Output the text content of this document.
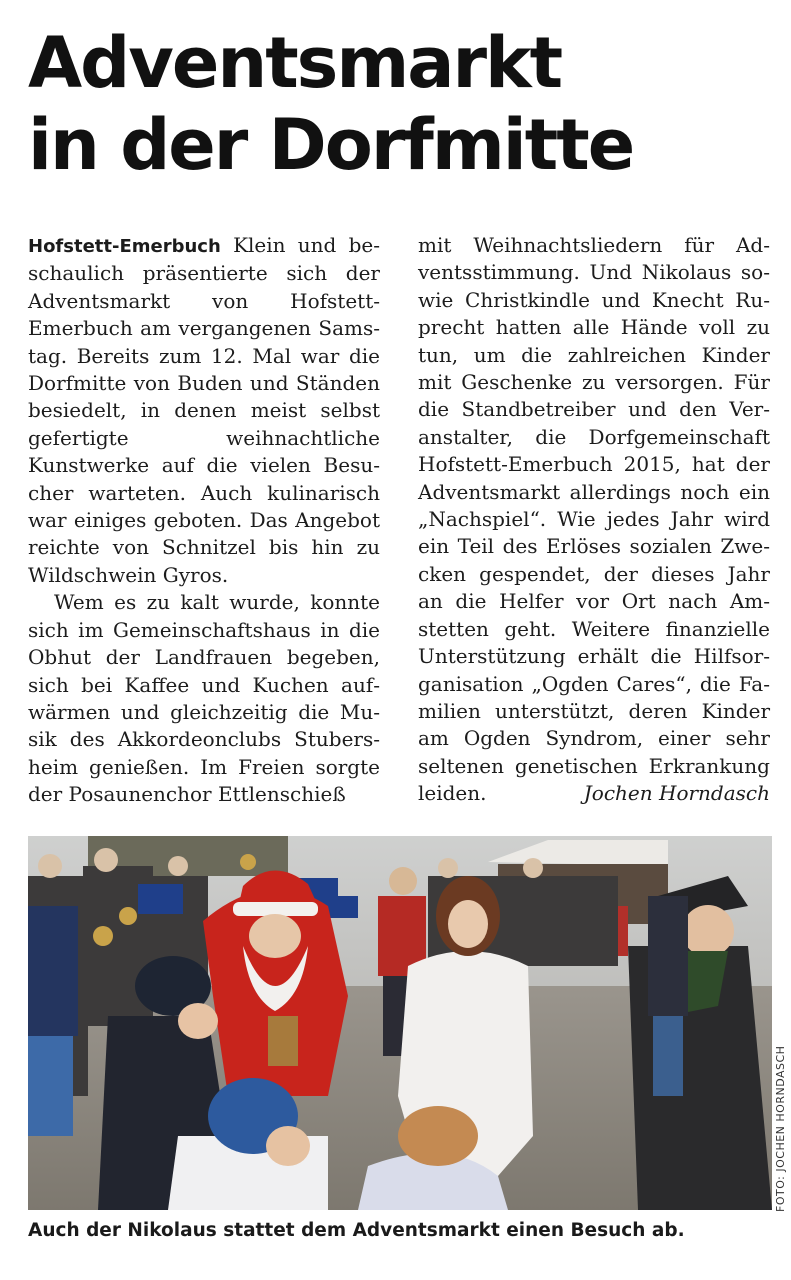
Adventsmarkt
in der Dorfmitte

Hofstett-Emerbuch Klein und beschaulich präsentierte sich der Adventsmarkt von Hofstett-Emerbuch am vergangenen Samstag. Bereits zum 12. Mal war die Dorfmitte von Buden und Ständen besiedelt, in denen meist selbst gefertigte weihnachtliche Kunstwerke auf die vielen Besucher warteten. Auch kulinarisch war einiges geboten. Das Angebot reichte von Schnitzel bis hin zu Wildschwein Gyros.

Wem es zu kalt wurde, konnte sich im Gemeinschaftshaus in die Obhut der Landfrauen begeben, sich bei Kaffee und Kuchen aufwärmen und gleichzeitig die Musik des Akkordeonclubs Stubersheim genießen. Im Freien sorgte der Posaunenchor Ettlenschieß

mit Weihnachtsliedern für Adventsstimmung. Und Nikolaus sowie Christkindle und Knecht Ruprecht hatten alle Hände voll zu tun, um die zahlreichen Kinder mit Geschenke zu versorgen. Für die Standbetreiber und den Veranstalter, die Dorfgemeinschaft Hofstett-Emerbuch 2015, hat der Adventsmarkt allerdings noch ein „Nachspiel“. Wie jedes Jahr wird ein Teil des Erlöses sozialen Zwecken gespendet, der dieses Jahr an die Helfer vor Ort nach Amstetten geht. Weitere finanzielle Unterstützung erhält die Hilfsorganisation „Ogden Cares“, die Familien unterstützt, deren Kinder am Ogden Syndrom, einer sehr seltenen genetischen Erkrankung leiden.	Jochen Horndasch

FOTO: JOCHEN HORNDASCH
Auch der Nikolaus stattet dem Adventsmarkt einen Besuch ab.
